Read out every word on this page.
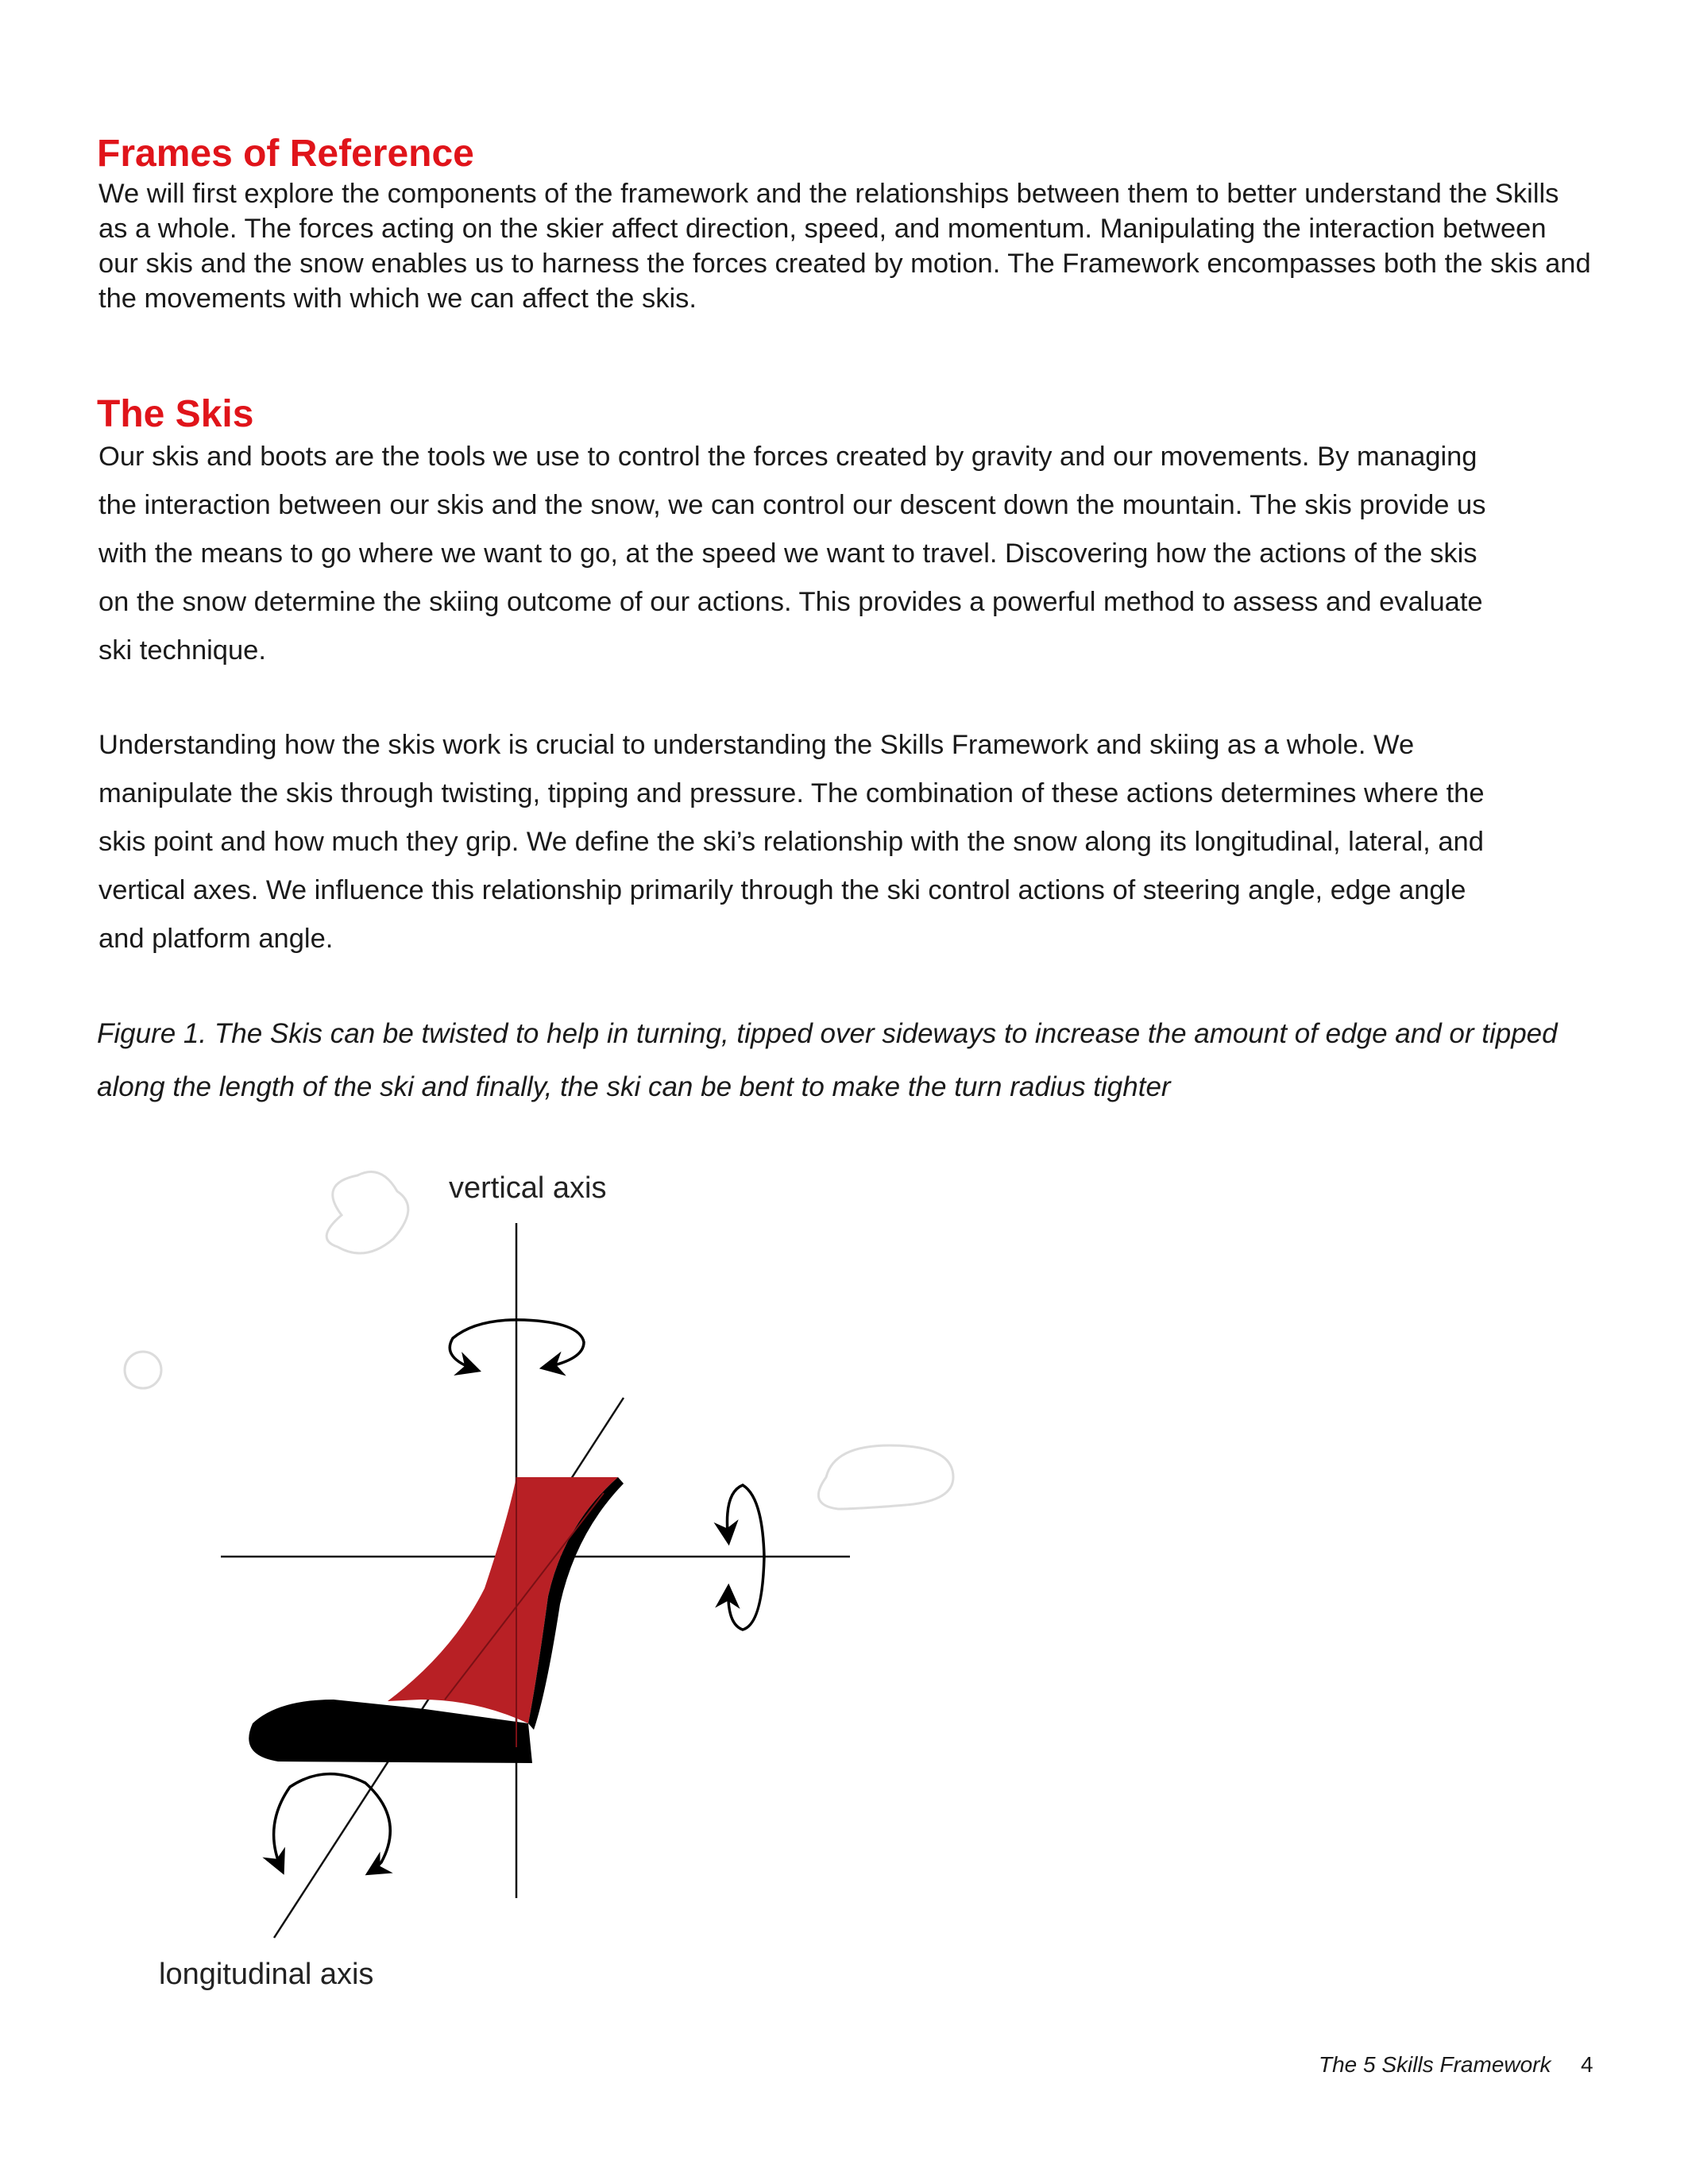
Frames of Reference

We will first explore the components of the framework and the relationships between them to better understand the Skills as a whole. The forces acting on the skier affect direction, speed, and momentum. Manipulating the interaction between our skis and the snow enables us to harness the forces created by motion. The Framework encompasses both the skis and the movements with which we can affect the skis.

The Skis

Our skis and boots are the tools we use to control the forces created by gravity and our movements. By managing the interaction between our skis and the snow, we can control our descent down the mountain. The skis provide us with the means to go where we want to go, at the speed we want to travel. Discovering how the actions of the skis on the snow determine the skiing outcome of our actions. This provides a powerful method to assess and evaluate ski technique.

Understanding how the skis work is crucial to understanding the Skills Framework and skiing as a whole. We manipulate the skis through twisting, tipping and pressure. The combination of these actions determines where the skis point and how much they grip. We define the ski’s relationship with the snow along its longitudinal, lateral, and vertical axes. We influence this relationship primarily through the ski control actions of steering angle, edge angle and platform angle.

Figure 1. The Skis can be twisted to help in turning, tipped over sideways to increase the amount of edge and or tipped along the length of the ski and finally, the ski can be bent to make the turn radius tighter

vertical axis
longitudinal axis
The 5 Skills Framework 4
